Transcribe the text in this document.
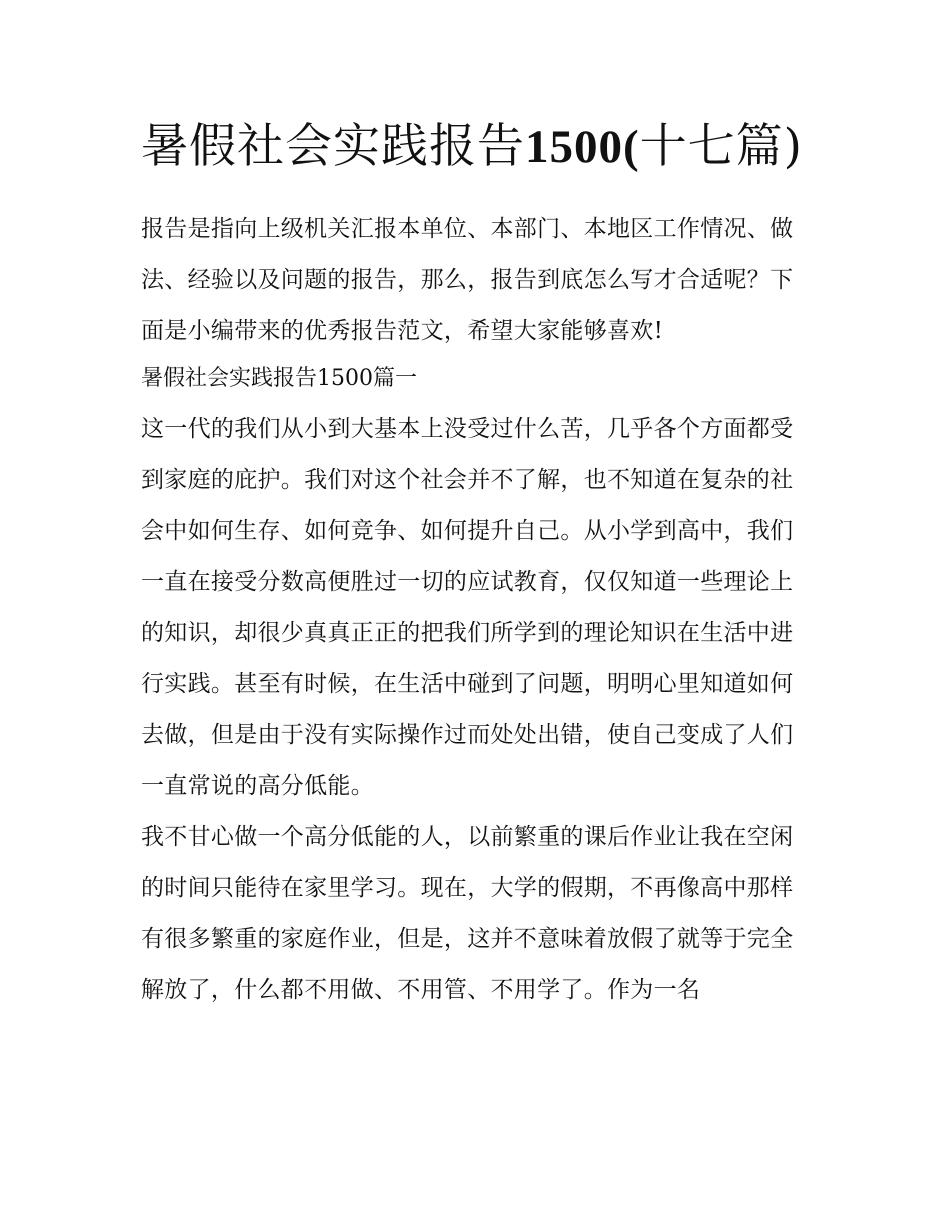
暑假社会实践报告1500(十七篇)

报告是指向上级机关汇报本单位、本部门、本地区工作情况、做法、经验以及问题的报告，那么，报告到底怎么写才合适呢？下面是小编带来的优秀报告范文，希望大家能够喜欢!

暑假社会实践报告1500篇一

这一代的我们从小到大基本上没受过什么苦，几乎各个方面都受到家庭的庇护。我们对这个社会并不了解，也不知道在复杂的社会中如何生存、如何竞争、如何提升自己。从小学到高中，我们一直在接受分数高便胜过一切的应试教育，仅仅知道一些理论上的知识，却很少真真正正的把我们所学到的理论知识在生活中进行实践。甚至有时候，在生活中碰到了问题，明明心里知道如何去做，但是由于没有实际操作过而处处出错，使自己变成了人们一直常说的高分低能。

我不甘心做一个高分低能的人，以前繁重的课后作业让我在空闲的时间只能待在家里学习。现在，大学的假期，不再像高中那样有很多繁重的家庭作业，但是，这并不意味着放假了就等于完全解放了，什么都不用做、不用管、不用学了。作为一名
